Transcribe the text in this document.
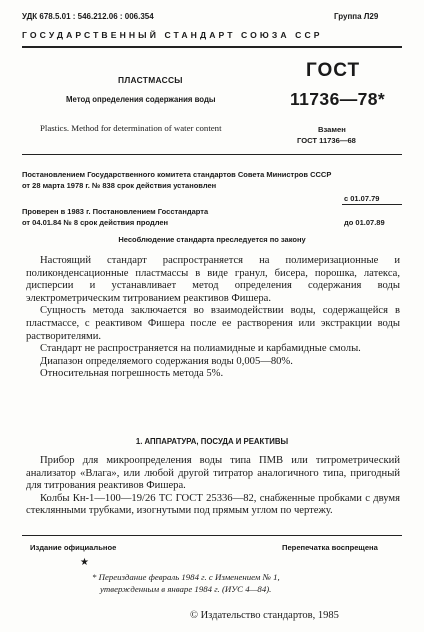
УДК 678.5.01 : 546.212.06 : 006.354	Группа Л29
ГОСУДАРСТВЕННЫЙ СТАНДАРТ СОЮЗА ССР
ПЛАСТМАССЫ
Метод определения содержания воды
Plastics. Method for determination of water content
ГОСТ
11736—78*
Взамен
ГОСТ 11736—68
Постановлением Государственного комитета стандартов Совета Министров СССР
от 28 марта 1978 г. № 838 срок действия установлен
с 01.07.79
Проверен в 1983 г. Постановлением Госстандарта
от 04.01.84 № 8 срок действия продлен	до 01.07.89
Несоблюдение стандарта преследуется по закону

Настоящий стандарт распространяется на полимеризационные и поликонденсационные пластмассы в виде гранул, бисера, порошка, латекса, дисперсии и устанавливает метод определения содержания воды электрометрическим титрованием реактивов Фишера.

Сущность метода заключается во взаимодействии воды, содержащейся в пластмассе, с реактивом Фишера после ее растворения или экстракции воды растворителями.

Стандарт не распространяется на полиамидные и карбамидные смолы.

Диапазон определяемого содержания воды 0,005—80%.

Относительная погрешность метода 5%.

1. АППАРАТУРА, ПОСУДА И РЕАКТИВЫ

Прибор для микроопределения воды типа ПМВ или титрометрический анализатор «Влага», или любой другой титратор аналогичного типа, пригодный для титрования реактивов Фишера.

Колбы Кн-1—100—19/26 ТС ГОСТ 25336—82, снабженные пробками с двумя стеклянными трубками, изогнутыми под прямым углом по чертежу.

Издание официальное	Перепечатка воспрещена
★
* Переиздание февраль 1984 г. с Изменением № 1,
утвержденным в январе 1984 г. (ИУС 4—84).
© Издательство стандартов, 1985
